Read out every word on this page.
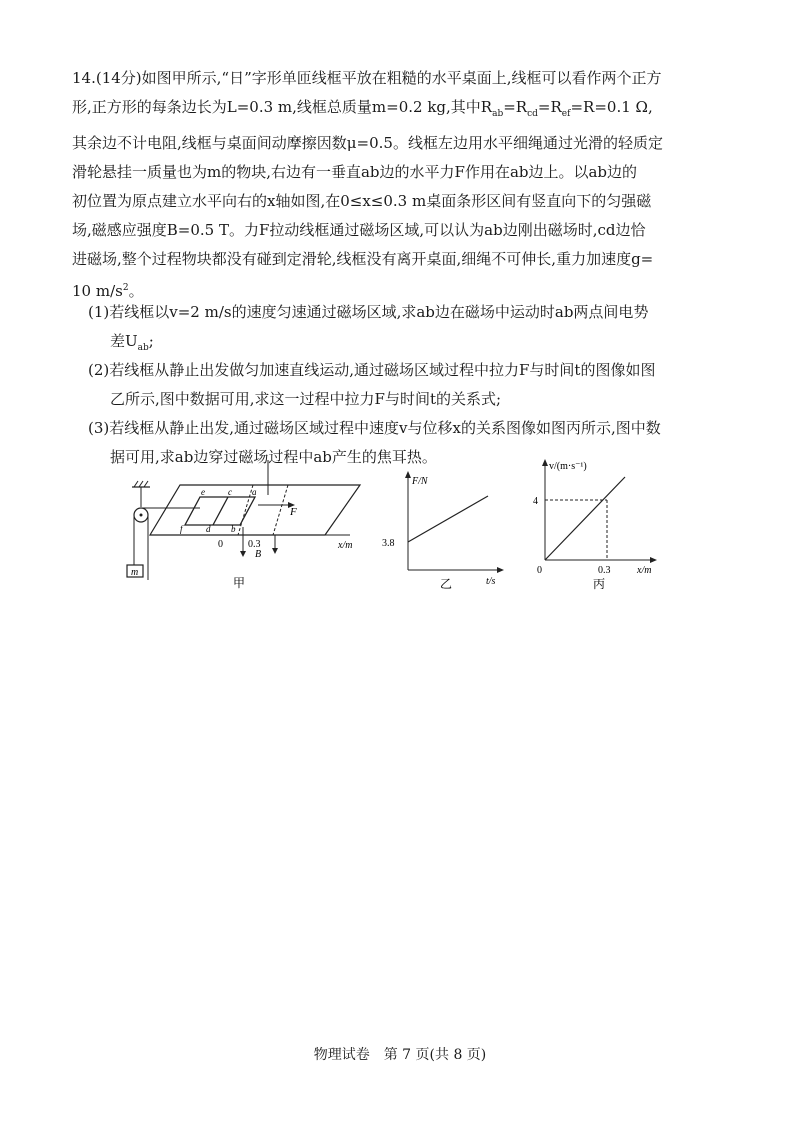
14.(14分)如图甲所示,“日”字形单匝线框平放在粗糙的水平桌面上,线框可以看作两个正方
形,正方形的每条边长为L=0.3 m,线框总质量m=0.2 kg,其中$R_{ab}=R_{cd}=R_{ef}=R=0.1$ Ω,
其余边不计电阻,线框与桌面间动摩擦因数μ=0.5。线框左边用水平细绳通过光滑的轻质定
滑轮悬挂一质量也为m的物块,右边有一垂直ab边的水平力F作用在ab边上。以ab边的
初位置为原点建立水平向右的x轴如图,在0≤x≤0.3 m桌面条形区间有竖直向下的匀强磁
场,磁感应强度B=0.5 T。力F拉动线框通过磁场区域,可以认为ab边刚出磁场时,cd边恰
进磁场,整个过程物块都没有碰到定滑轮,线框没有离开桌面,细绳不可伸长,重力加速度g=
10 $m/s^2$。
(1)若线框以v=2 m/s的速度匀速通过磁场区域,求ab边在磁场中运动时ab两点间电势
差$U_{ab}$;
(2)若线框从静止出发做匀加速直线运动,通过磁场区域过程中拉力F与时间t的图像如图
乙所示,图中数据可用,求这一过程中拉力F与时间t的关系式;
(3)若线框从静止出发,通过磁场区域过程中速度v与位移x的关系图像如图丙所示,图中数
据可用,求ab边穿过磁场过程中ab产生的焦耳热。
m
F
e	c a
f	d b
0	0.3
B
x/m
甲
F/N
3.8
t/s
乙
v/(m·s⁻¹)
4
0	0.3	x/m
丙
物理试卷　第 7 页(共 8 页)
